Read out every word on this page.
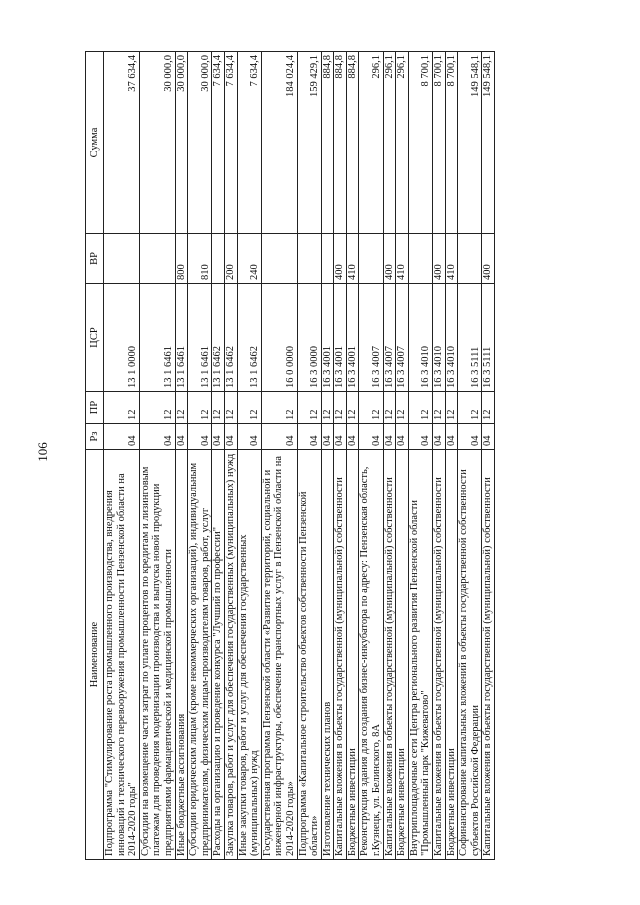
106
Наименование	Рз	ПР	ЦСР	ВР	Сумма
Подпрограмма "Стимулирование роста промышленного производства, внедрения инноваций и технического перевооружения промышленности Пензенской области на 2014-2020 годы"	04	12	13 1 0000		37 634,4
Субсидии на возмещение части затрат по уплате процентов по кредитам и лизинговым платежам для проведения модернизации производства и выпуска новой продукции предприятиями фармацевтической и медицинской промышленности	04	12	13 1 6461		30 000,0
Иные бюджетные ассигнования	04	12	13 1 6461	800	30 000,0
Субсидии юридическим лицам (кроме некоммерческих организаций), индивидуальным предпринимателям, физическим лицам-производителям товаров, работ, услуг	04	12	13 1 6461	810	30 000,0
Расходы на организацию и проведение конкурса "Лучший по профессии"	04	12	13 1 6462		7 634,4
Закупка товаров, работ и услуг для обеспечения государственных (муниципальных) нужд	04	12	13 1 6462	200	7 634,4
Иные закупки товаров, работ и услуг для обеспечения государственных (муниципальных) нужд	04	12	13 1 6462	240	7 634,4
Государственная программа Пензенской области «Развитие территорий, социальной и инженерной инфраструктуры, обеспечение транспортных услуг в Пензенской области на 2014-2020 годы»	04	12	16 0 0000		184 024,4
Подпрограмма «Капитальное строительство объектов собственности Пензенской области»	04	12	16 3 0000		159 429,1
Изготовление технических планов	04	12	16 3 4001		884,8
Капитальные вложения в объекты государственной (муниципальной) собственности	04	12	16 3 4001	400	884,8
Бюджетные инвестиции	04	12	16 3 4001	410	884,8
Реконструкция здания для создания бизнес-инкубатора по адресу: Пензенская область, г.Кузнецк, ул. Белинского, 8А	04	12	16 3 4007		296,1
Капитальные вложения в объекты государственной (муниципальной) собственности	04	12	16 3 4007	400	296,1
Бюджетные инвестиции	04	12	16 3 4007	410	296,1
Внутриплощадочные сети Центра регионального развития Пензенской области "Промышленный парк "Кижеватово"	04	12	16 3 4010		8 700,1
Капитальные вложения в объекты государственной (муниципальной) собственности	04	12	16 3 4010	400	8 700,1
Бюджетные инвестиции	04	12	16 3 4010	410	8 700,1
Софинансирование капитальных вложений в объекты государственной собственности субъектов Российской Федерации	04	12	16 3 5111		149 548,1
Капитальные вложения в объекты государственной (муниципальной) собственности	04	12	16 3 5111	400	149 548,1
